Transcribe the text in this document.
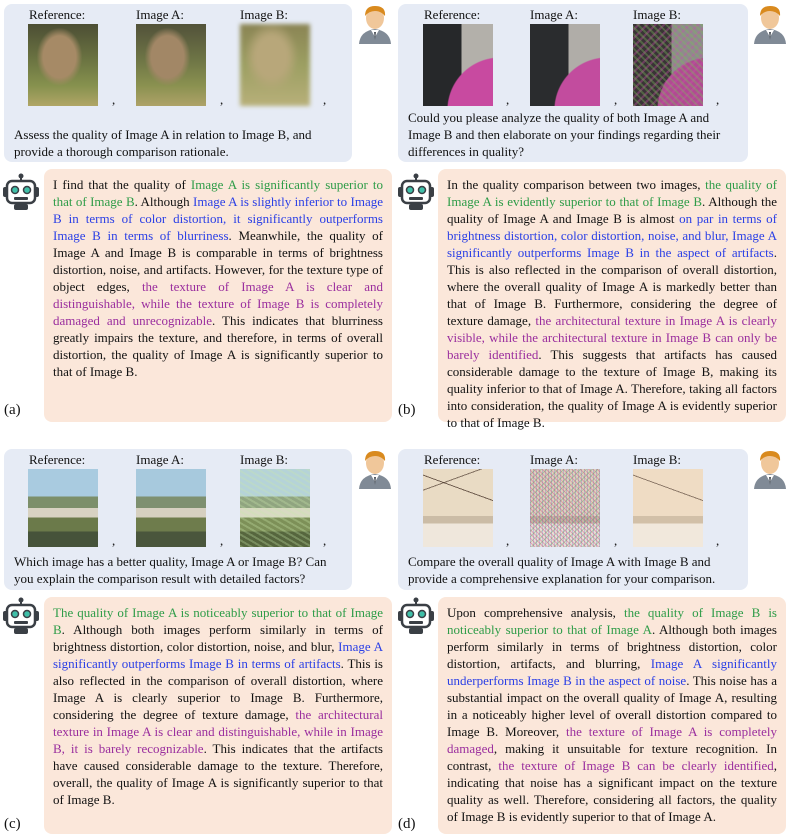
Reference:	Image A:	Image B:
,	,	,
Assess the quality of Image A in relation to Image B, and provide a thorough comparison rationale.
I find that the quality of Image A is significantly superior to that of Image B. Although Image A is slightly inferior to Image B in terms of color distortion, it significantly outperforms Image B in terms of blurriness. Meanwhile, the quality of Image A and Image B is comparable in terms of brightness distortion, noise, and artifacts. However, for the texture type of object edges, the texture of Image A is clear and distinguishable, while the texture of Image B is completely damaged and unrecognizable. This indicates that blurriness greatly impairs the texture, and therefore, in terms of overall distortion, the quality of Image A is significantly superior to that of Image B.
(a)
Reference:	Image A:	Image B:
,	,	,
Could you please analyze the quality of both Image A and Image B and then elaborate on your findings regarding their differences in quality?
In the quality comparison between two images, the quality of Image A is evidently superior to that of Image B. Although the quality of Image A and Image B is almost on par in terms of brightness distortion, color distortion, noise, and blur, Image A significantly outperforms Image B in the aspect of artifacts. This is also reflected in the comparison of overall distortion, where the overall quality of Image A is markedly better than that of Image B. Furthermore, considering the degree of texture damage, the architectural texture in Image A is clearly visible, while the architectural texture in Image B can only be barely identified. This suggests that artifacts has caused considerable damage to the texture of Image B, making its quality inferior to that of Image A. Therefore, taking all factors into consideration, the quality of Image A is evidently superior to that of Image B.
(b)
Reference:	Image A:	Image B:
,	,	,
Which image has a better quality, Image A or Image B? Can you explain the comparison result with detailed factors?
The quality of Image A is noticeably superior to that of Image B. Although both images perform similarly in terms of brightness distortion, color distortion, noise, and blur, Image A significantly outperforms Image B in terms of artifacts. This is also reflected in the comparison of overall distortion, where Image A is clearly superior to Image B. Furthermore, considering the degree of texture damage, the architectural texture in Image A is clear and distinguishable, while in Image B, it is barely recognizable. This indicates that the artifacts have caused considerable damage to the texture. Therefore, overall, the quality of Image A is significantly superior to that of Image B.
(c)
Reference:	Image A:	Image B:
,	,	,
Compare the overall quality of Image A with Image B and provide a comprehensive explanation for your comparison.
Upon comprehensive analysis, the quality of Image B is noticeably superior to that of Image A. Although both images perform similarly in terms of brightness distortion, color distortion, artifacts, and blurring, Image A significantly underperforms Image B in the aspect of noise. This noise has a substantial impact on the overall quality of Image A, resulting in a noticeably higher level of overall distortion compared to Image B. Moreover, the texture of Image A is completely damaged, making it unsuitable for texture recognition. In contrast, the texture of Image B can be clearly identified, indicating that noise has a significant impact on the texture quality as well. Therefore, considering all factors, the quality of Image B is evidently superior to that of Image A.
(d)
